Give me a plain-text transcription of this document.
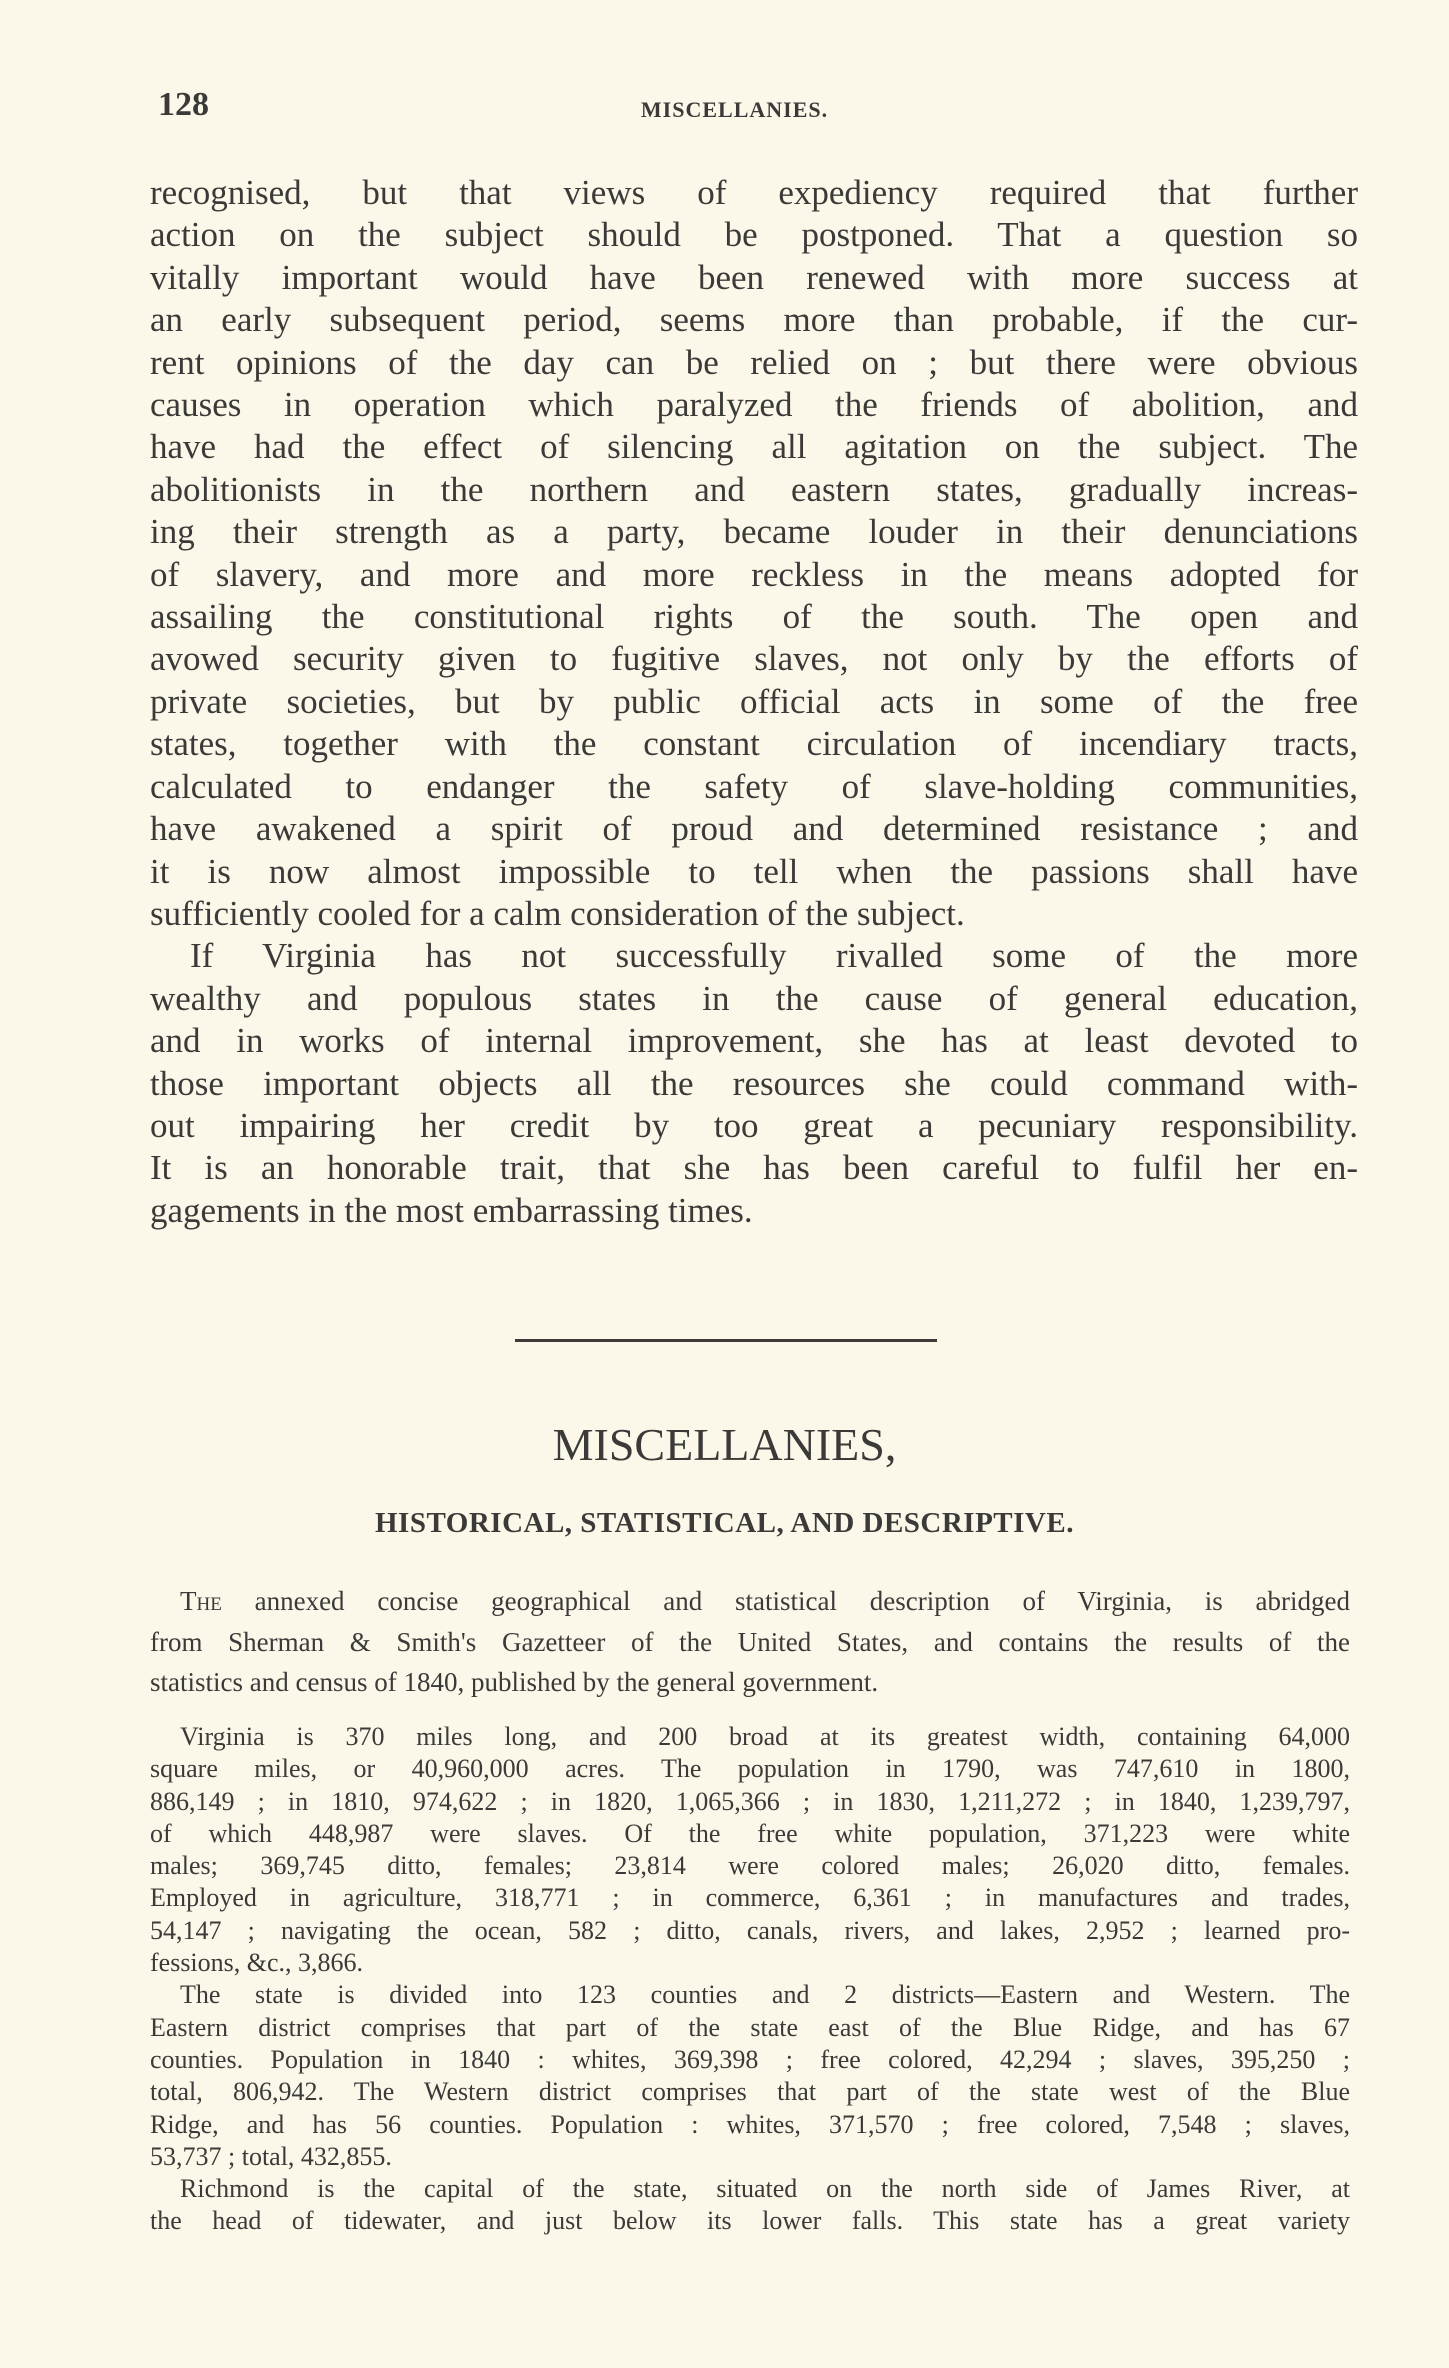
128	MISCELLANIES.
recognised, but that views of expediency required that further
action on the subject should be postponed. That a question so
vitally important would have been renewed with more success at
an early subsequent period, seems more than probable, if the cur-
rent opinions of the day can be relied on ; but there were obvious
causes in operation which paralyzed the friends of abolition, and
have had the effect of silencing all agitation on the subject. The
abolitionists in the northern and eastern states, gradually increas-
ing their strength as a party, became louder in their denunciations
of slavery, and more and more reckless in the means adopted for
assailing the constitutional rights of the south. The open and
avowed security given to fugitive slaves, not only by the efforts of
private societies, but by public official acts in some of the free
states, together with the constant circulation of incendiary tracts,
calculated to endanger the safety of slave-holding communities,
have awakened a spirit of proud and determined resistance ; and
it is now almost impossible to tell when the passions shall have
sufficiently cooled for a calm consideration of the subject.
If Virginia has not successfully rivalled some of the more
wealthy and populous states in the cause of general education,
and in works of internal improvement, she has at least devoted to
those important objects all the resources she could command with-
out impairing her credit by too great a pecuniary responsibility.
It is an honorable trait, that she has been careful to fulfil her en-
gagements in the most embarrassing times.
MISCELLANIES,
HISTORICAL, STATISTICAL, AND DESCRIPTIVE.
The annexed concise geographical and statistical description of Virginia, is abridged
from Sherman & Smith's Gazetteer of the United States, and contains the results of the
statistics and census of 1840, published by the general government.
Virginia is 370 miles long, and 200 broad at its greatest width, containing 64,000
square miles, or 40,960,000 acres. The population in 1790, was 747,610 in 1800,
886,149 ; in 1810, 974,622 ; in 1820, 1,065,366 ; in 1830, 1,211,272 ; in 1840, 1,239,797,
of which 448,987 were slaves. Of the free white population, 371,223 were white
males; 369,745 ditto, females; 23,814 were colored males; 26,020 ditto, females.
Employed in agriculture, 318,771 ; in commerce, 6,361 ; in manufactures and trades,
54,147 ; navigating the ocean, 582 ; ditto, canals, rivers, and lakes, 2,952 ; learned pro-
fessions, &c., 3,866.
The state is divided into 123 counties and 2 districts—Eastern and Western. The
Eastern district comprises that part of the state east of the Blue Ridge, and has 67
counties. Population in 1840 : whites, 369,398 ; free colored, 42,294 ; slaves, 395,250 ;
total, 806,942. The Western district comprises that part of the state west of the Blue
Ridge, and has 56 counties. Population : whites, 371,570 ; free colored, 7,548 ; slaves,
53,737 ; total, 432,855.
Richmond is the capital of the state, situated on the north side of James River, at
the head of tidewater, and just below its lower falls. This state has a great variety
